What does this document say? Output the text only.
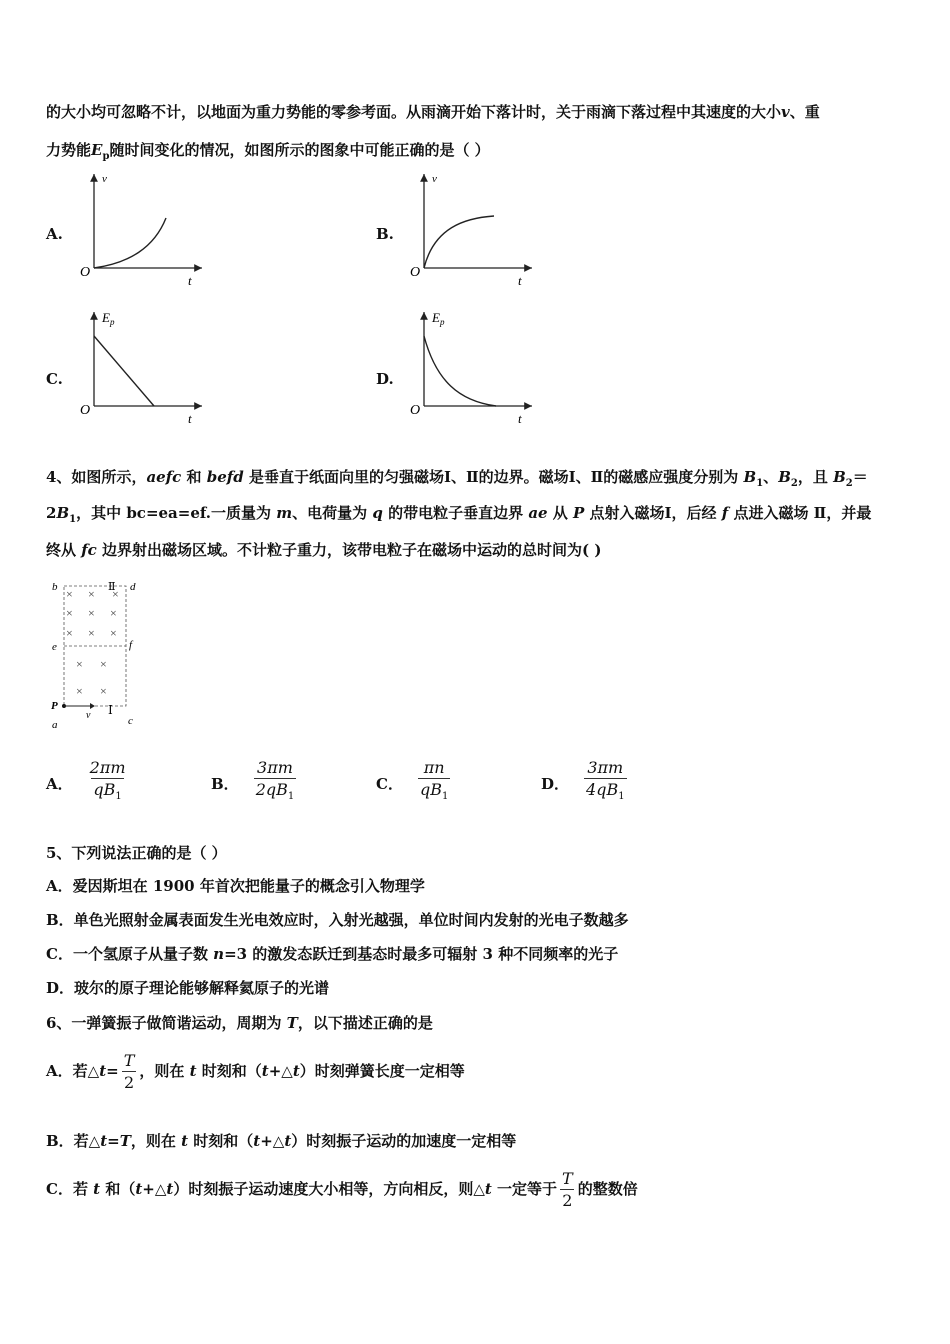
的大小均可忽略不计，以地面为重力势能的零参考面。从雨滴开始下落计时，关于雨滴下落过程中其速度的大小v、重
力势能$E_p$随时间变化的情况，如图所示的图象中可能正确的是（ ）
A.	B.
C.	D.
v
O
t
v
O
t
$E_p$
O
t
$E_p$
O
t
4、如图所示，aefc 和 befd 是垂直于纸面向里的匀强磁场Ⅰ、Ⅱ的边界。磁场Ⅰ、Ⅱ的磁感应强度分别为 $B_1$、$B_2$，且 $B_2=$
$2B_1$，其中 bc=ea=ef.一质量为 m、电荷量为 q 的带电粒子垂直边界 ae 从 P 点射入磁场Ⅰ，后经 f 点进入磁场 Ⅱ，并最
终从 fc 边界射出磁场区域。不计粒子重力，该带电粒子在磁场中运动的总时间为( )
× × ×
× × ×
× × ×
× ×
× ×
b	d
Ⅱ
e	f
P
v Ⅰ
a	c
A． $\frac{2\pi m}{qB_1}$	B． $\frac{3\pi m}{2qB_1}$	C． $\frac{\pi n}{qB_1}$	D． $\frac{3\pi m}{4qB_1}$
5、下列说法正确的是（ ）
A．爱因斯坦在 1900 年首次把能量子的概念引入物理学
B．单色光照射金属表面发生光电效应时，入射光越强，单位时间内发射的光电子数越多
C．一个氢原子从量子数 n=3 的激发态跃迁到基态时最多可辐射 3 种不同频率的光子
D．玻尔的原子理论能够解释氦原子的光谱
6、一弹簧振子做简谐运动，周期为 T，以下描述正确的是
A．若△t= $\frac{T}{2}$ ，则在 t 时刻和（t+△t）时刻弹簧长度一定相等
B．若△t=T，则在 t 时刻和（t+△t）时刻振子运动的加速度一定相等
C．若 t 和（t+△t）时刻振子运动速度大小相等，方向相反，则△t 一定等于 $\frac{T}{2}$ 的整数倍
